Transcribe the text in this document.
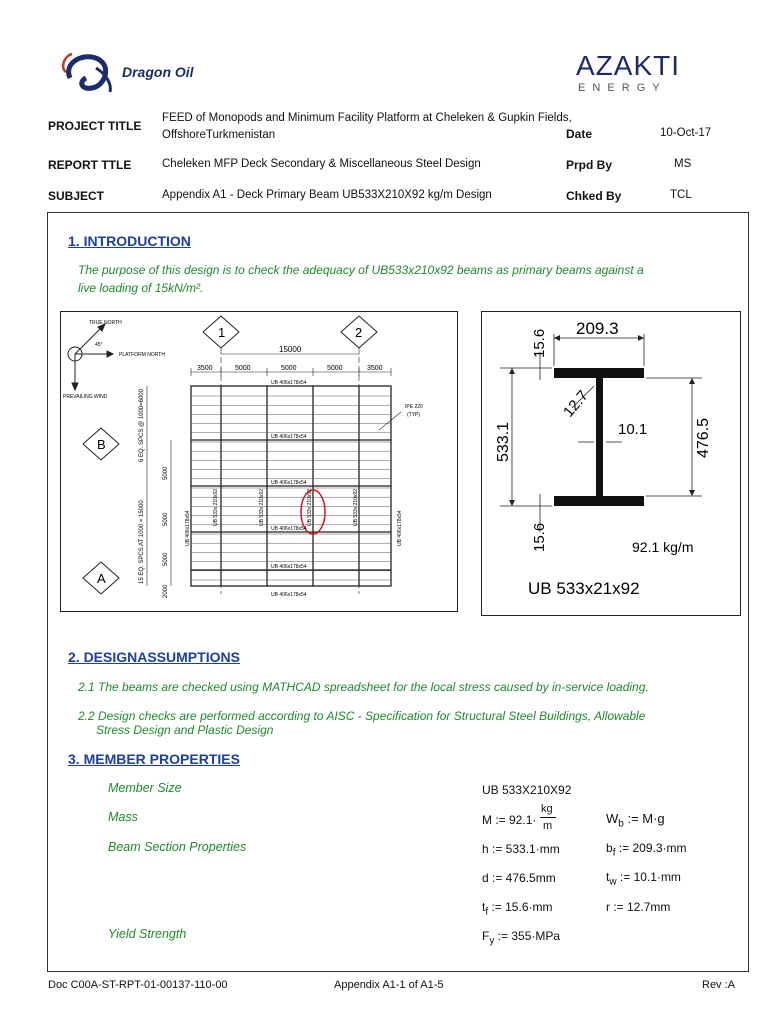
Dragon Oil	AZAKTI
E N E R G Y
PROJECT TITLE
FEED of Monopods and Minimum Facility Platform at Cheleken & Gupkin Fields,
OffshoreTurkmenistan	Date	10-Oct-17
REPORT TTLE	Cheleken MFP Deck Secondary & Miscellaneous Steel Design	Prpd By	MS
SUBJECT	Appendix A1 - Deck Primary Beam UB533X210X92 kg/m Design	Chked By	TCL
1. INTRODUCTION
The purpose of this design is to check the adequacy of UB533x210x92 beams as primary beams against a
live loading of 15kN/m².
TRUE NORTH
45°
PLATFORM NORTH
PREVAILING WIND
1	2
B
A
15000
3500	5000	5000	5000	3500
UB 406x178x54
UB 406x178x54
UB 406x178x54
UB 406x178x54
UB 406x178x54
UB 406x178x54
IPE 220
(TYP)
6 EQ. SPCS @ 1000=6000
15 EQ. SPCS AT 1000 = 15000
5000
5000
5000
2000
UB 533x 210x92	UB 533x 210x92	UB 533x 210x92	UB 533x 210x92
UB 406x178x54	UB 406x178x54
209.3
15.6
15.6
12.7
10.1
533.1	476.5
92.1 kg/m
UB 533x21x92
2. DESIGNASSUMPTIONS
2.1 The beams are checked using MATHCAD spreadsheet for the local stress caused by in-service loading.
2.2 Design checks are performed according to AISC - Specification for Structural Steel Buildings, Allowable
Stress Design and Plastic Design
3. MEMBER PROPERTIES
Member Size	UB 533X210X92
Mass	M := 92.1·
kg
m	$W_b$ := M·g
Beam Section Properties	h := 533.1·mm	$b_f$ := 209.3·mm
d := 476.5mm	$t_w$ := 10.1·mm
$t_f$ := 15.6·mm	r := 12.7mm
Yield Strength	$F_y$ := 355·MPa
Doc C00A-ST-RPT-01-00137-110-00	Appendix A1-1 of A1-5	Rev :A
